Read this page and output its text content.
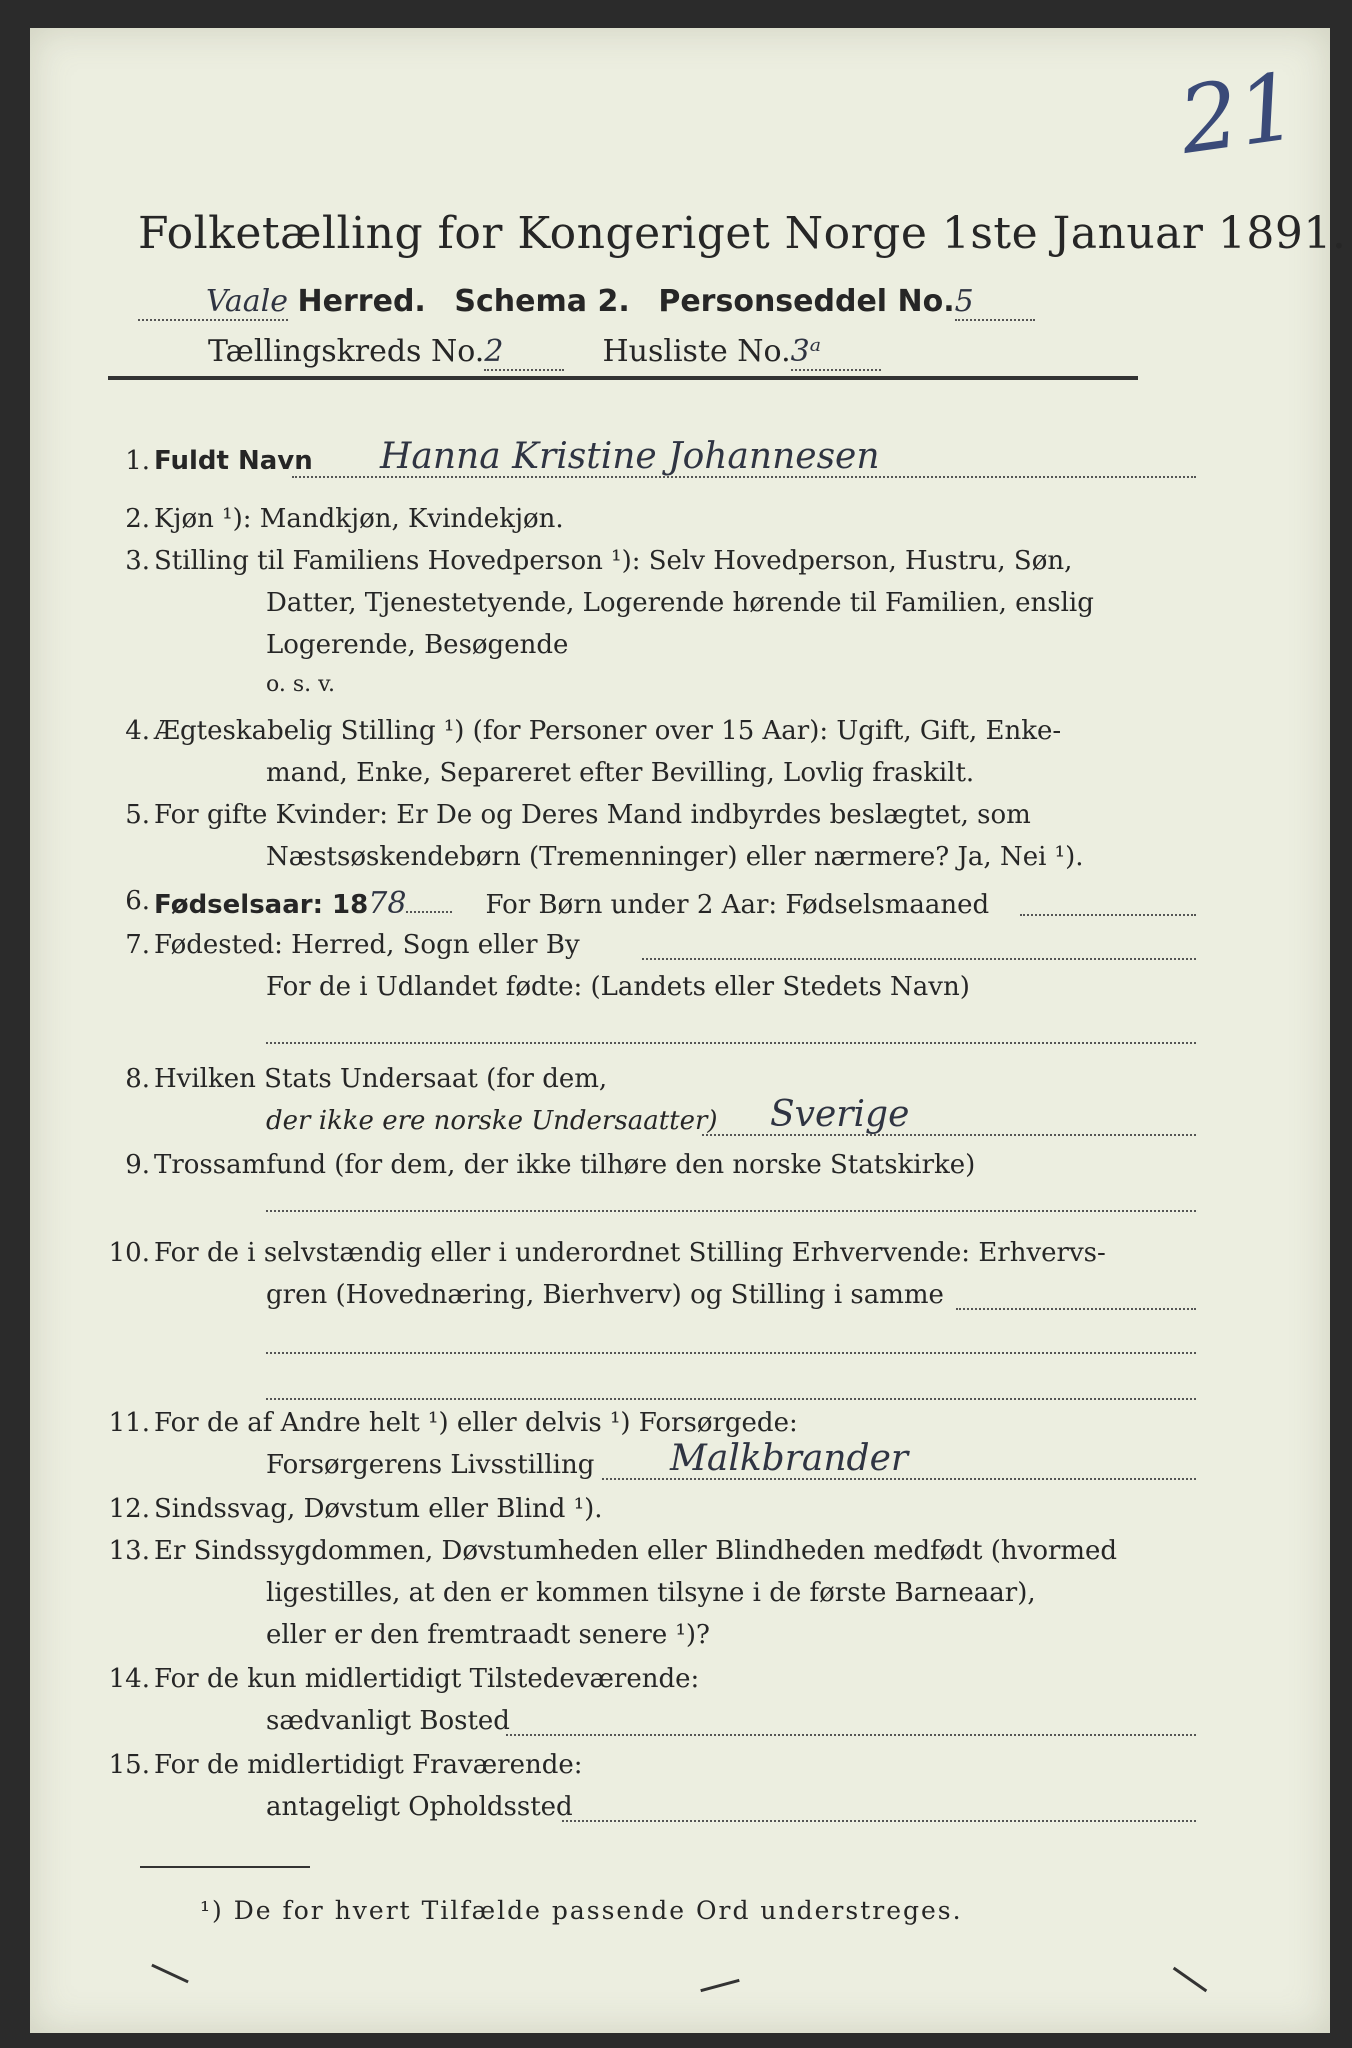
21
Folketælling for Kongeriget Norge 1ste Januar 1891.
Vaale Herred. Schema 2. Personseddel No.5
Tællingskreds No.2	Husliste No.3ᵃ
1. Fuldt Navn Hanna Kristine Johannesen
2. Kjøn ¹): Mandkjøn, Kvindekjøn.
3. Stilling til Familiens Hovedperson ¹): Selv Hovedperson, Hustru, Søn,
Datter, Tjenestetyende, Logerende hørende til Familien, enslig
Logerende, Besøgende
o. s. v.
4. Ægteskabelig Stilling ¹) (for Personer over 15 Aar): Ugift, Gift, Enke-
mand, Enke, Separeret efter Bevilling, Lovlig fraskilt.
5. For gifte Kvinder: Er De og Deres Mand indbyrdes beslægtet, som
Næstsøskendebørn (Tremenninger) eller nærmere? Ja, Nei ¹).
6. Fødselsaar: 1878	For Børn under 2 Aar: Fødselsmaaned
7. Fødested: Herred, Sogn eller By
For de i Udlandet fødte: (Landets eller Stedets Navn)
8. Hvilken Stats Undersaat (for dem,
der ikke ere norske Undersaatter) Sverige
9. Trossamfund (for dem, der ikke tilhøre den norske Statskirke)
10. For de i selvstændig eller i underordnet Stilling Erhvervende: Erhvervs-
gren (Hovednæring, Bierhverv) og Stilling i samme
11. For de af Andre helt ¹) eller delvis ¹) Forsørgede:
Forsørgerens Livsstilling Malkbrander
12. Sindssvag, Døvstum eller Blind ¹).
13. Er Sindssygdommen, Døvstumheden eller Blindheden medfødt (hvormed
ligestilles, at den er kommen tilsyne i de første Barneaar),
eller er den fremtraadt senere ¹)?
14. For de kun midlertidigt Tilstedeværende:
sædvanligt Bosted
15. For de midlertidigt Fraværende:
antageligt Opholdssted
¹) De for hvert Tilfælde passende Ord understreges.
